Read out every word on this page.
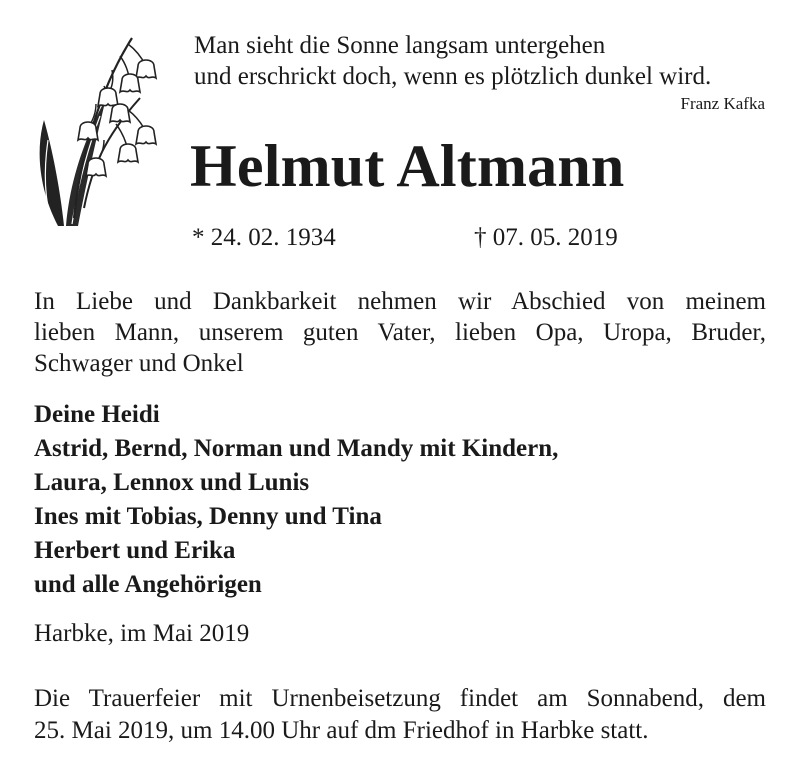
Man sieht die Sonne langsam untergehen
und erschrickt doch, wenn es plötzlich dunkel wird.
Franz Kafka
Helmut Altmann
* 24. 02. 1934	† 07. 05. 2019
In Liebe und Dankbarkeit nehmen wir Abschied von meinem
lieben Mann, unserem guten Vater, lieben Opa, Uropa, Bruder,
Schwager und Onkel
Deine Heidi
Astrid, Bernd, Norman und Mandy mit Kindern,
Laura, Lennox und Lunis
Ines mit Tobias, Denny und Tina
Herbert und Erika
und alle Angehörigen
Harbke, im Mai 2019
Die Trauerfeier mit Urnenbeisetzung findet am Sonnabend, dem
25. Mai 2019, um 14.00 Uhr auf dm Friedhof in Harbke statt.
